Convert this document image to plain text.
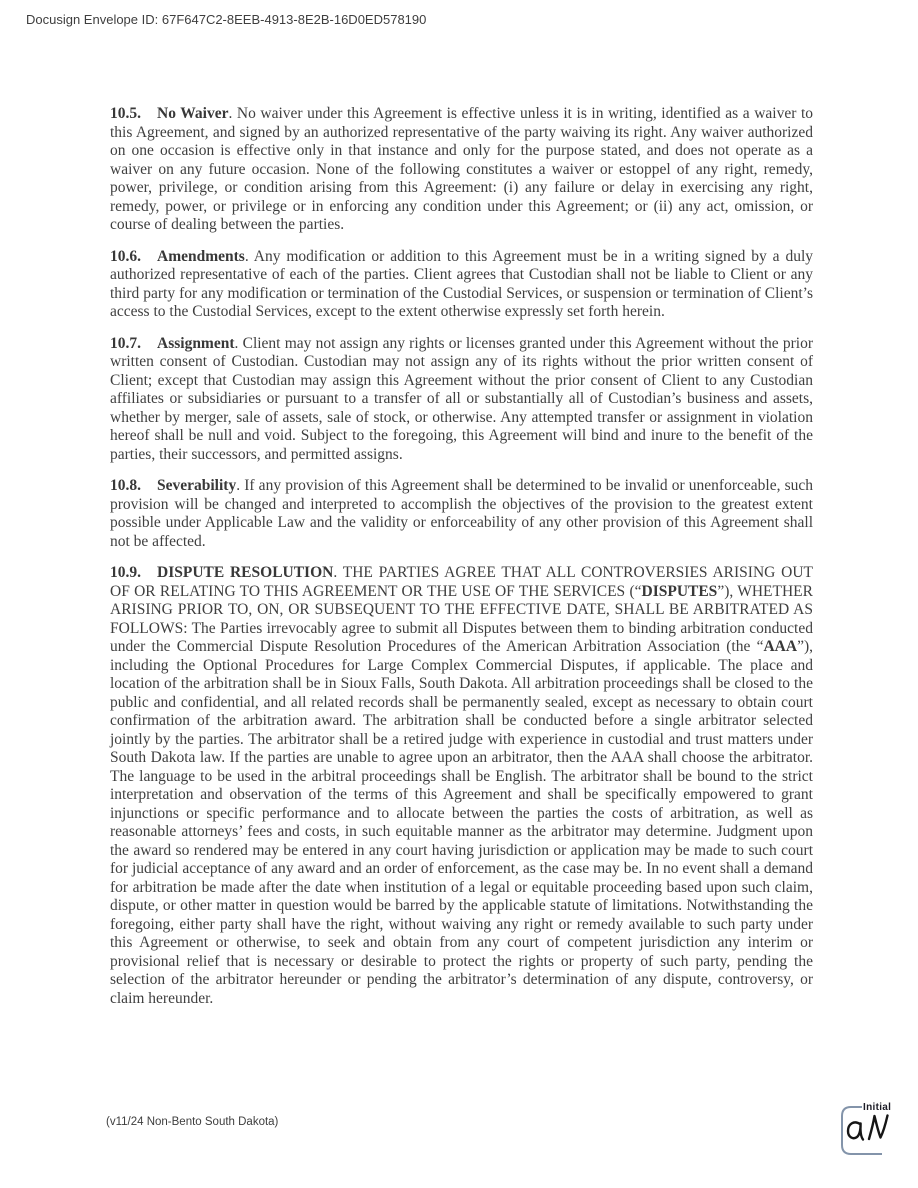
Docusign Envelope ID: 67F647C2-8EEB-4913-8E2B-16D0ED578190

10.5. No Waiver. No waiver under this Agreement is effective unless it is in writing, identified as a waiver to this Agreement, and signed by an authorized representative of the party waiving its right. Any waiver authorized on one occasion is effective only in that instance and only for the purpose stated, and does not operate as a waiver on any future occasion. None of the following constitutes a waiver or estoppel of any right, remedy, power, privilege, or condition arising from this Agreement: (i) any failure or delay in exercising any right, remedy, power, or privilege or in enforcing any condition under this Agreement; or (ii) any act, omission, or course of dealing between the parties.

10.6. Amendments. Any modification or addition to this Agreement must be in a writing signed by a duly authorized representative of each of the parties. Client agrees that Custodian shall not be liable to Client or any third party for any modification or termination of the Custodial Services, or suspension or termination of Client’s access to the Custodial Services, except to the extent otherwise expressly set forth herein.

10.7. Assignment. Client may not assign any rights or licenses granted under this Agreement without the prior written consent of Custodian. Custodian may not assign any of its rights without the prior written consent of Client; except that Custodian may assign this Agreement without the prior consent of Client to any Custodian affiliates or subsidiaries or pursuant to a transfer of all or substantially all of Custodian’s business and assets, whether by merger, sale of assets, sale of stock, or otherwise. Any attempted transfer or assignment in violation hereof shall be null and void. Subject to the foregoing, this Agreement will bind and inure to the benefit of the parties, their successors, and permitted assigns.

10.8. Severability. If any provision of this Agreement shall be determined to be invalid or unenforceable, such provision will be changed and interpreted to accomplish the objectives of the provision to the greatest extent possible under Applicable Law and the validity or enforceability of any other provision of this Agreement shall not be affected.

10.9. DISPUTE RESOLUTION. THE PARTIES AGREE THAT ALL CONTROVERSIES ARISING OUT OF OR RELATING TO THIS AGREEMENT OR THE USE OF THE SERVICES (“DISPUTES”), WHETHER ARISING PRIOR TO, ON, OR SUBSEQUENT TO THE EFFECTIVE DATE, SHALL BE ARBITRATED AS FOLLOWS: The Parties irrevocably agree to submit all Disputes between them to binding arbitration conducted under the Commercial Dispute Resolution Procedures of the American Arbitration Association (the “AAA”), including the Optional Procedures for Large Complex Commercial Disputes, if applicable. The place and location of the arbitration shall be in Sioux Falls, South Dakota. All arbitration proceedings shall be closed to the public and confidential, and all related records shall be permanently sealed, except as necessary to obtain court confirmation of the arbitration award. The arbitration shall be conducted before a single arbitrator selected jointly by the parties. The arbitrator shall be a retired judge with experience in custodial and trust matters under South Dakota law. If the parties are unable to agree upon an arbitrator, then the AAA shall choose the arbitrator. The language to be used in the arbitral proceedings shall be English. The arbitrator shall be bound to the strict interpretation and observation of the terms of this Agreement and shall be specifically empowered to grant injunctions or specific performance and to allocate between the parties the costs of arbitration, as well as reasonable attorneys’ fees and costs, in such equitable manner as the arbitrator may determine. Judgment upon the award so rendered may be entered in any court having jurisdiction or application may be made to such court for judicial acceptance of any award and an order of enforcement, as the case may be. In no event shall a demand for arbitration be made after the date when institution of a legal or equitable proceeding based upon such claim, dispute, or other matter in question would be barred by the applicable statute of limitations. Notwithstanding the foregoing, either party shall have the right, without waiving any right or remedy available to such party under this Agreement or otherwise, to seek and obtain from any court of competent jurisdiction any interim or provisional relief that is necessary or desirable to protect the rights or property of such party, pending the selection of the arbitrator hereunder or pending the arbitrator’s determination of any dispute, controversy, or claim hereunder.

(v11/24 Non-Bento South Dakota)
Initial
